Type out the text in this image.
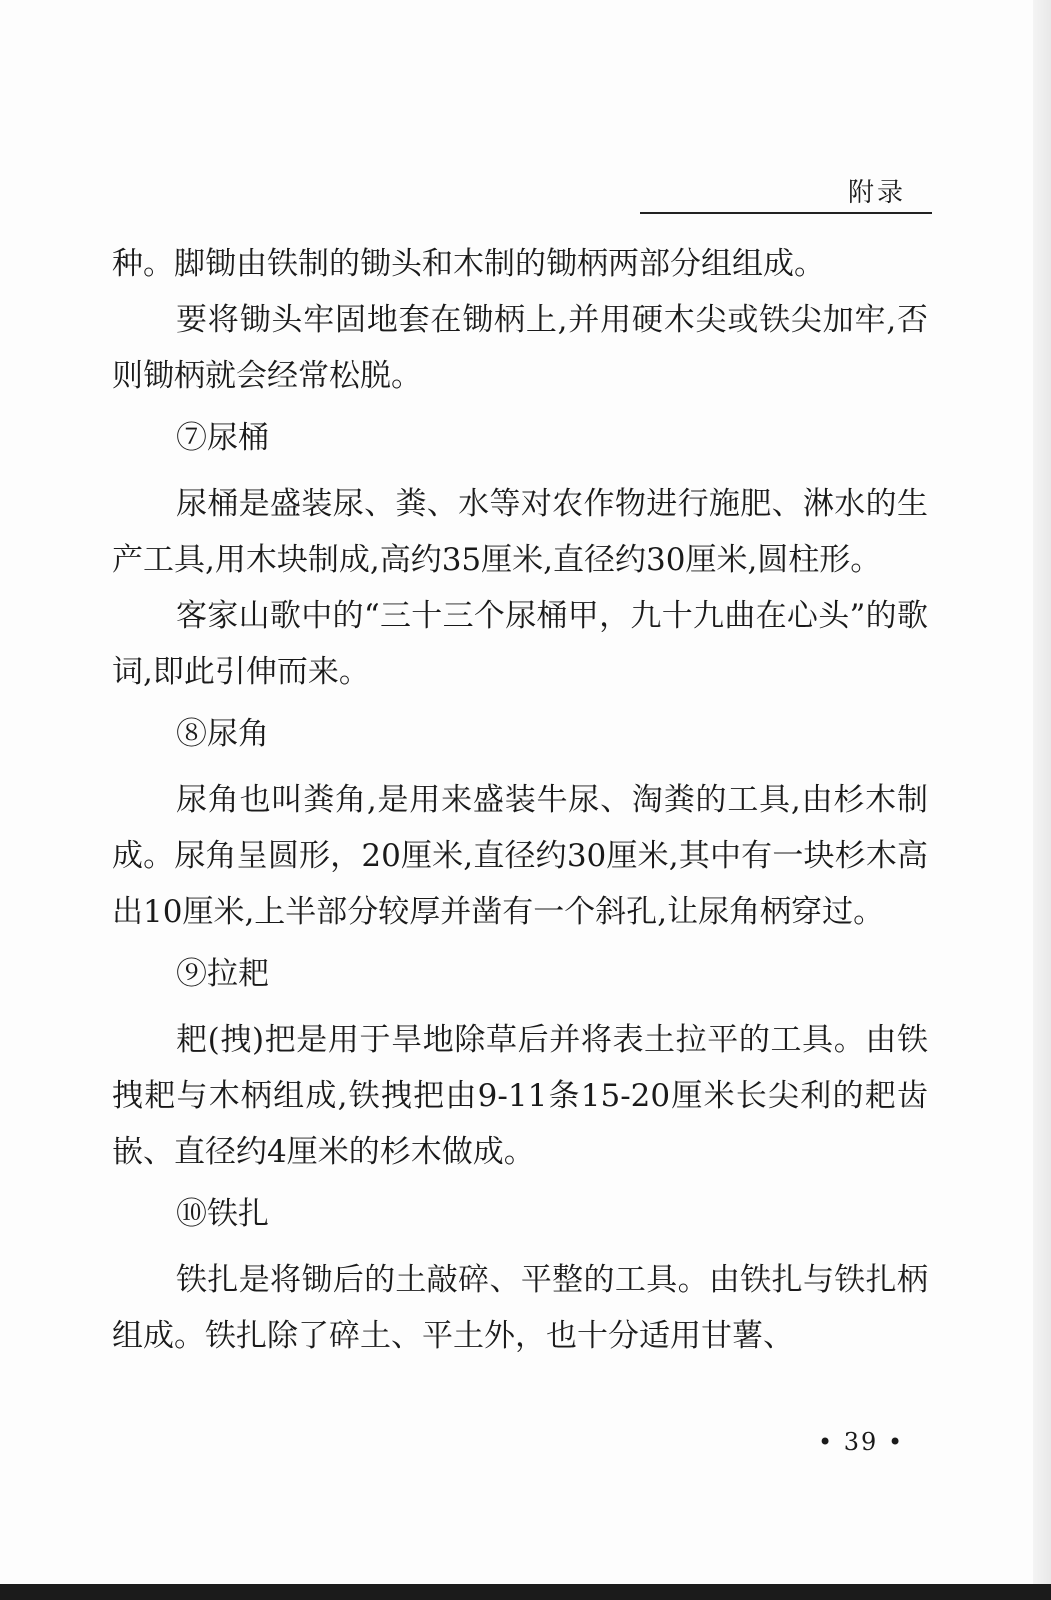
附录

种。脚锄由铁制的锄头和木制的锄柄两部分组组成。

要将锄头牢固地套在锄柄上,并用硬木尖或铁尖加牢,否则锄柄就会经常松脱。

⑦尿桶

尿桶是盛装尿、粪、水等对农作物进行施肥、淋水的生产工具,用木块制成,高约35厘米,直径约30厘米,圆柱形。

客家山歌中的“三十三个尿桶甲，九十九曲在心头”的歌词,即此引伸而来。

⑧尿角

尿角也叫粪角,是用来盛装牛尿、淘粪的工具,由杉木制成。尿角呈圆形，20厘米,直径约30厘米,其中有一块杉木高出10厘米,上半部分较厚并凿有一个斜孔,让尿角柄穿过。

⑨拉耙

耙(拽)把是用于旱地除草后并将表土拉平的工具。由铁拽耙与木柄组成,铁拽把由9-11条15-20厘米长尖利的耙齿嵌、直径约4厘米的杉木做成。

⑩铁扎

铁扎是将锄后的土敲碎、平整的工具。由铁扎与铁扎柄组成。铁扎除了碎土、平土外，也十分适用甘薯、

• 39 •
